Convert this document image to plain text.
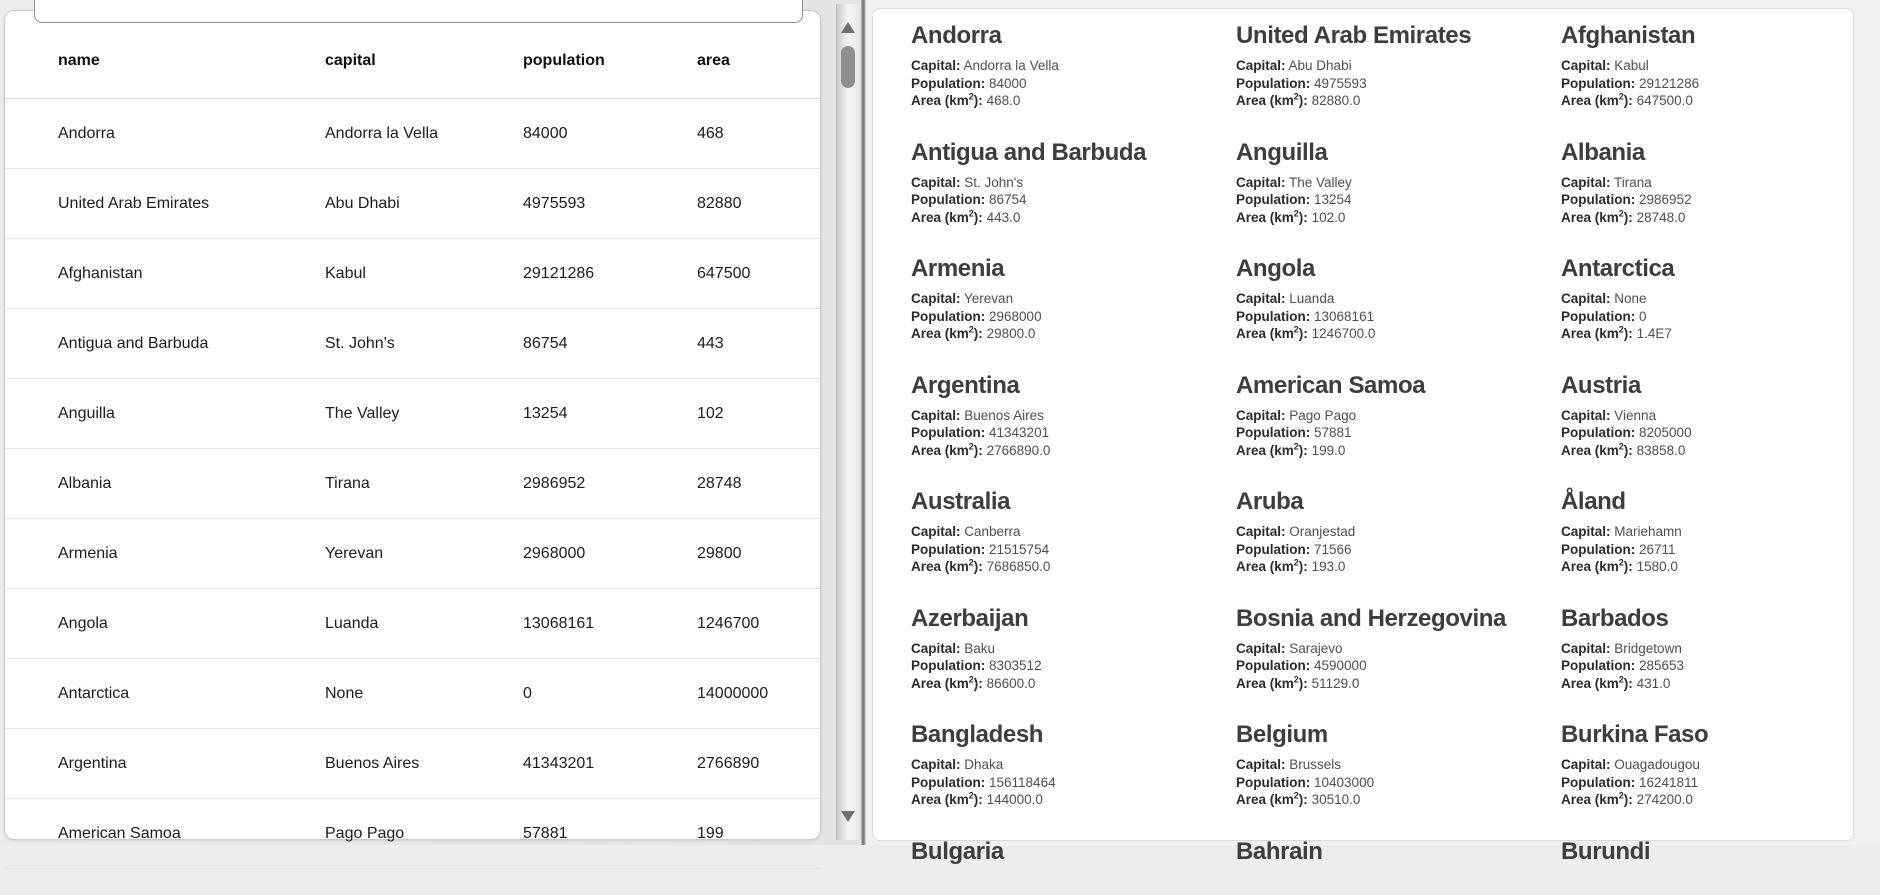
name	capital	population	area
Andorra	Andorra la Vella	84000	468
United Arab Emirates	Abu Dhabi	4975593	82880
Afghanistan	Kabul	29121286	647500
Antigua and Barbuda	St. John's	86754	443
Anguilla	The Valley	13254	102
Albania	Tirana	2986952	28748
Armenia	Yerevan	2968000	29800
Angola	Luanda	13068161	1246700
Antarctica	None	0	14000000
Argentina	Buenos Aires	41343201	2766890
American Samoa	Pago Pago	57881	199
Andorra
Capital: Andorra la Vella
Population: 84000
Area $(km^2)$: 468.0
United Arab Emirates
Capital: Abu Dhabi
Population: 4975593
Area $(km^2)$: 82880.0
Afghanistan
Capital: Kabul
Population: 29121286
Area $(km^2)$: 647500.0
Antigua and Barbuda
Capital: St. John's
Population: 86754
Area $(km^2)$: 443.0
Anguilla
Capital: The Valley
Population: 13254
Area $(km^2)$: 102.0
Albania
Capital: Tirana
Population: 2986952
Area $(km^2)$: 28748.0
Armenia
Capital: Yerevan
Population: 2968000
Area $(km^2)$: 29800.0
Angola
Capital: Luanda
Population: 13068161
Area $(km^2)$: 1246700.0
Antarctica
Capital: None
Population: 0
Area $(km^2)$: 1.4E7
Argentina
Capital: Buenos Aires
Population: 41343201
Area $(km^2)$: 2766890.0
American Samoa
Capital: Pago Pago
Population: 57881
Area $(km^2)$: 199.0
Austria
Capital: Vienna
Population: 8205000
Area $(km^2)$: 83858.0
Australia
Capital: Canberra
Population: 21515754
Area $(km^2)$: 7686850.0
Aruba
Capital: Oranjestad
Population: 71566
Area $(km^2)$: 193.0
Åland
Capital: Mariehamn
Population: 26711
Area $(km^2)$: 1580.0
Azerbaijan
Capital: Baku
Population: 8303512
Area $(km^2)$: 86600.0
Bosnia and Herzegovina
Capital: Sarajevo
Population: 4590000
Area $(km^2)$: 51129.0
Barbados
Capital: Bridgetown
Population: 285653
Area $(km^2)$: 431.0
Bangladesh
Capital: Dhaka
Population: 156118464
Area $(km^2)$: 144000.0
Belgium
Capital: Brussels
Population: 10403000
Area $(km^2)$: 30510.0
Burkina Faso
Capital: Ouagadougou
Population: 16241811
Area $(km^2)$: 274200.0
Bulgaria	Bahrain	Burundi
